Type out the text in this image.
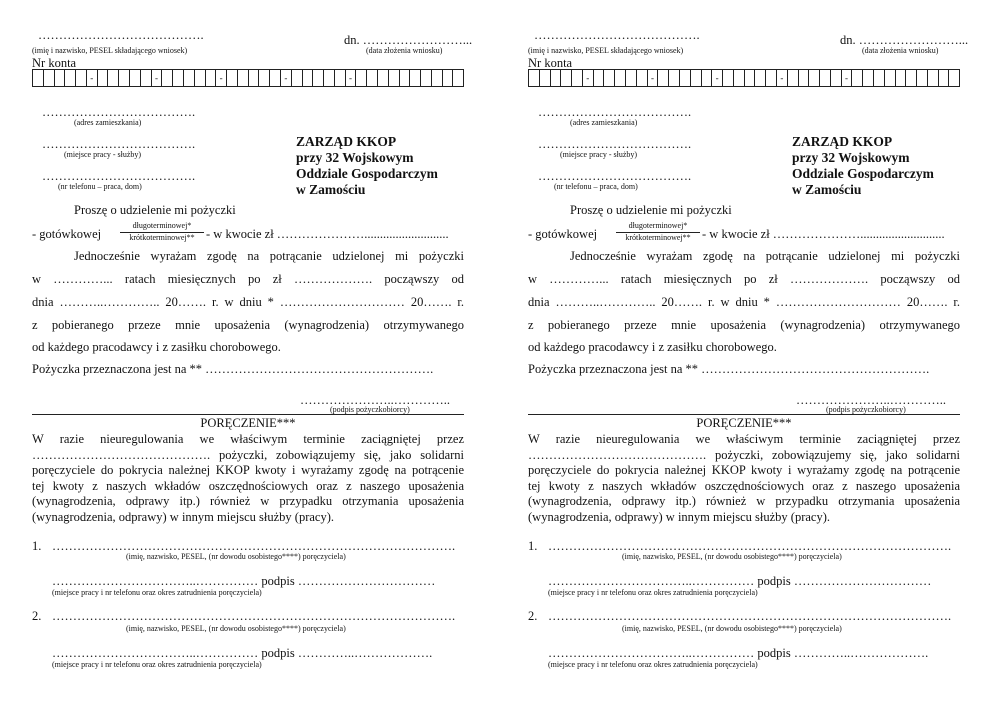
………………………………….
(imię i nazwisko, PESEL składającego wniosek)
dn. ……………………...
(data złożenia wniosku)
Nr konta
-	-	-	-	-
……………………………….
(adres zamieszkania)
……………………………….
(miejsce pracy - służby)
……………………………….
(nr telefonu – praca, dom)
ZARZĄD KKOP
przy 32 Wojskowym
Oddziale Gospodarczym
w Zamościu
Proszę o udzielenie mi pożyczki
- gotówkowej
długoterminowej*
krótkoterminowej** - w kwocie zł …………………...........................
Jednocześnie wyrażam zgodę na potrącanie udzielonej mi pożyczki
w …………... ratach miesięcznych po zł ………………. począwszy od
dnia ………..………….. 20……. r. w dniu * ………………………… 20……. r.
z pobieranego przeze mnie uposażenia (wynagrodzenia) otrzymywanego
od każdego pracodawcy i z zasiłku chorobowego.
Pożyczka przeznaczona jest na ** ……………………………………………….
…………………..…………..
(podpis pożyczkobiorcy)
PORĘCZENIE***
W razie nieuregulowania we właściwym terminie zaciągniętej przez
……………………………………. pożyczki, zobowiązujemy się, jako solidarni
poręczyciele do pokrycia należnej KKOP kwoty i wyrażamy zgodę na potrącenie
tej kwoty z naszych wkładów oszczędnościowych oraz z naszego uposażenia
(wynagrodzenia, odprawy itp.) również w przypadku otrzymania uposażenia
(wynagrodzenia, odprawy) w innym miejscu służby (pracy).
1. …………………………………………………………………………………….
(imię, nazwisko, PESEL, (nr dowodu osobistego****) poręczyciela)
……………………………..…………… podpis ……………………………
(miejsce pracy i nr telefonu oraz okres zatrudnienia poręczyciela)
2. …………………………………………………………………………………….
(imię, nazwisko, PESEL, (nr dowodu osobistego****) poręczyciela)
……………………………..…………… podpis …………..……………….
(miejsce pracy i nr telefonu oraz okres zatrudnienia poręczyciela)
………………………………….
(imię i nazwisko, PESEL składającego wniosek)
dn. ……………………...
(data złożenia wniosku)
Nr konta
-	-	-	-	-
……………………………….
(adres zamieszkania)
……………………………….
(miejsce pracy - służby)
……………………………….
(nr telefonu – praca, dom)
ZARZĄD KKOP
przy 32 Wojskowym
Oddziale Gospodarczym
w Zamościu
Proszę o udzielenie mi pożyczki
- gotówkowej
długoterminowej*
krótkoterminowej** - w kwocie zł …………………...........................
Jednocześnie wyrażam zgodę na potrącanie udzielonej mi pożyczki
w …………... ratach miesięcznych po zł ………………. począwszy od
dnia ………..………….. 20……. r. w dniu * ………………………… 20……. r.
z pobieranego przeze mnie uposażenia (wynagrodzenia) otrzymywanego
od każdego pracodawcy i z zasiłku chorobowego.
Pożyczka przeznaczona jest na ** ……………………………………………….
…………………..…………..
(podpis pożyczkobiorcy)
PORĘCZENIE***
W razie nieuregulowania we właściwym terminie zaciągniętej przez
……………………………………. pożyczki, zobowiązujemy się, jako solidarni
poręczyciele do pokrycia należnej KKOP kwoty i wyrażamy zgodę na potrącenie
tej kwoty z naszych wkładów oszczędnościowych oraz z naszego uposażenia
(wynagrodzenia, odprawy itp.) również w przypadku otrzymania uposażenia
(wynagrodzenia, odprawy) w innym miejscu służby (pracy).
1. …………………………………………………………………………………….
(imię, nazwisko, PESEL, (nr dowodu osobistego****) poręczyciela)
……………………………..…………… podpis ……………………………
(miejsce pracy i nr telefonu oraz okres zatrudnienia poręczyciela)
2. …………………………………………………………………………………….
(imię, nazwisko, PESEL, (nr dowodu osobistego****) poręczyciela)
……………………………..…………… podpis …………..……………….
(miejsce pracy i nr telefonu oraz okres zatrudnienia poręczyciela)
